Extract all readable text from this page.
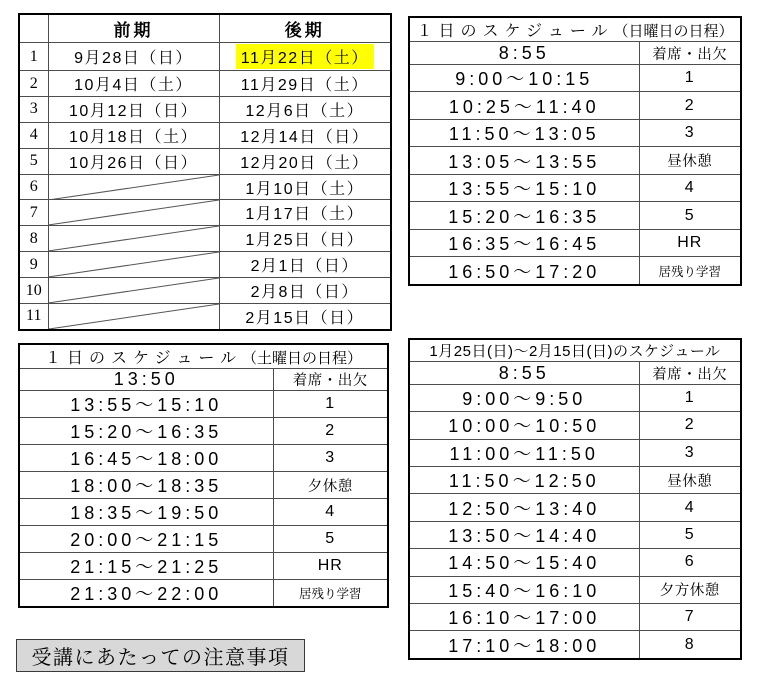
	前期	後期
1	9月28日（日）	11月22日（土）
2	10月4日（土）	11月29日（土）
3	10月12日（日）	12月6日（土）
4	10月18日（土）	12月14日（日）
5	10月26日（日）	12月20日（土）
6		1月10日（土）
7		1月17日（土）
8		1月25日（日）
9		2月1日（日）
10		2月8日（日）
11		2月15日（日）
１日のスケジュール（日曜日の日程）	
8:55	着席・出欠
9:00～10:15	1
10:25～11:40	2
11:50～13:05	3
13:05～13:55	昼休憩
13:55～15:10	4
15:20～16:35	5
16:35～16:45	HR
16:50～17:20	居残り学習
１日のスケジュール（土曜日の日程）	
13:50	着席・出欠
13:55～15:10	1
15:20～16:35	2
16:45～18:00	3
18:00～18:35	夕休憩
18:35～19:50	4
20:00～21:15	5
21:15～21:25	HR
21:30～22:00	居残り学習
1月25日(日)～2月15日(日)のスケジュール	
8:55	着席・出欠
9:00～9:50	1
10:00～10:50	2
11:00～11:50	3
11:50～12:50	昼休憩
12:50～13:40	4
13:50～14:40	5
14:50～15:40	6
15:40～16:10	夕方休憩
16:10～17:00	7
17:10～18:00	8
受講にあたっての注意事項
